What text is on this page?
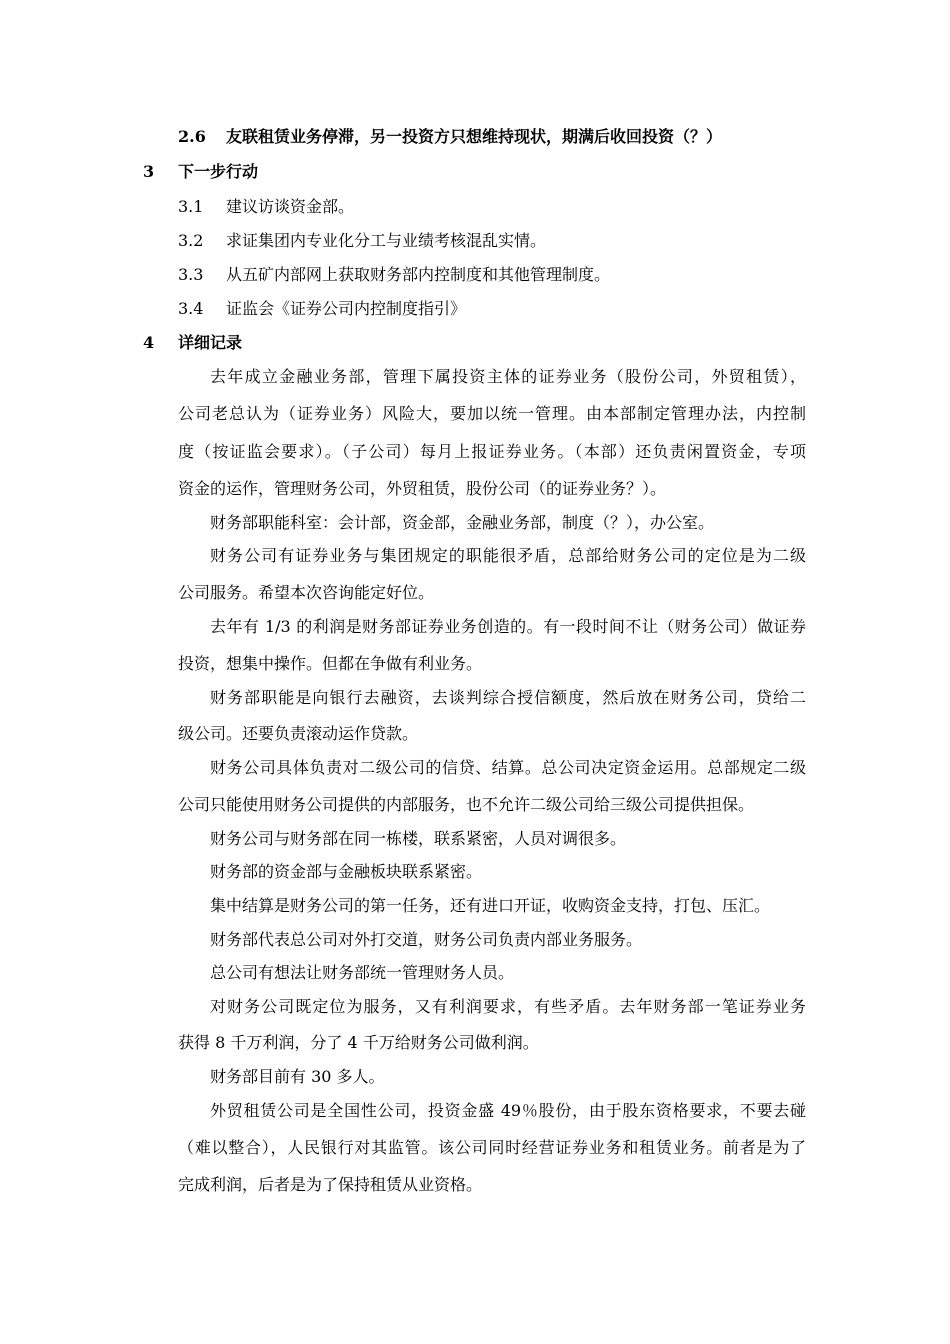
2.6 友联租赁业务停滞，另一投资方只想维持现状，期满后收回投资（？）
3 下一步行动
3.1 建议访谈资金部。
3.2 求证集团内专业化分工与业绩考核混乱实情。
3.3 从五矿内部网上获取财务部内控制度和其他管理制度。
3.4 证监会《证券公司内控制度指引》
4 详细记录
去年成立金融业务部，管理下属投资主体的证券业务（股份公司，外贸租赁），
公司老总认为（证券业务）风险大，要加以统一管理。由本部制定管理办法，内控制
度（按证监会要求）。（子公司）每月上报证券业务。（本部）还负责闲置资金，专项
资金的运作，管理财务公司，外贸租赁，股份公司（的证券业务？）。
财务部职能科室：会计部，资金部，金融业务部，制度（？），办公室。
财务公司有证券业务与集团规定的职能很矛盾，总部给财务公司的定位是为二级
公司服务。希望本次咨询能定好位。
去年有 1/3 的利润是财务部证券业务创造的。有一段时间不让（财务公司）做证券
投资，想集中操作。但都在争做有利业务。
财务部职能是向银行去融资，去谈判综合授信额度，然后放在财务公司，贷给二
级公司。还要负责滚动运作贷款。
财务公司具体负责对二级公司的信贷、结算。总公司决定资金运用。总部规定二级
公司只能使用财务公司提供的内部服务，也不允许二级公司给三级公司提供担保。
财务公司与财务部在同一栋楼，联系紧密，人员对调很多。
财务部的资金部与金融板块联系紧密。
集中结算是财务公司的第一任务，还有进口开证，收购资金支持，打包、压汇。
财务部代表总公司对外打交道，财务公司负责内部业务服务。
总公司有想法让财务部统一管理财务人员。
对财务公司既定位为服务，又有利润要求，有些矛盾。去年财务部一笔证券业务
获得 8 千万利润，分了 4 千万给财务公司做利润。
财务部目前有 30 多人。
外贸租赁公司是全国性公司，投资金盛 49％股份，由于股东资格要求，不要去碰
（难以整合），人民银行对其监管。该公司同时经营证券业务和租赁业务。前者是为了
完成利润，后者是为了保持租赁从业资格。
